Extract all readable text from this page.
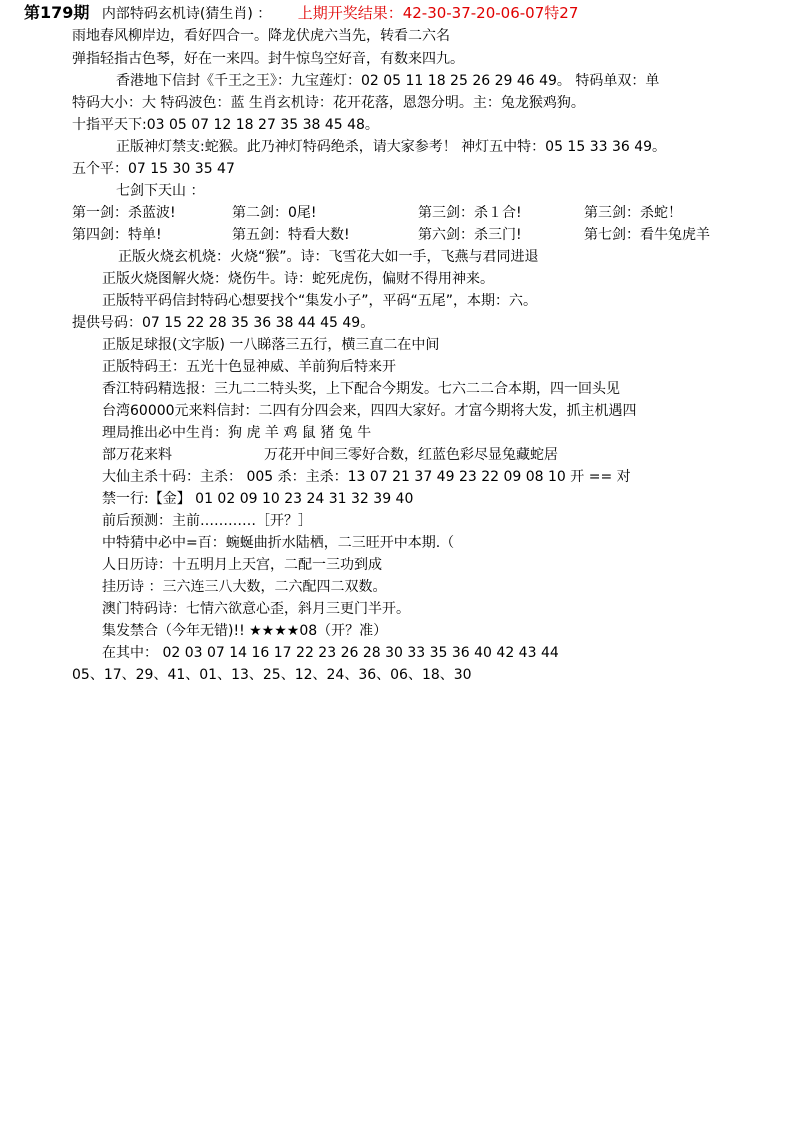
第179期 内部特码玄机诗(猜生肖) ： 上期开奖结果：42-30-37-20-06-07特27
雨地春风柳岸边，看好四合一。降龙伏虎六当先，转看二六名
弹指轻指古色琴，好在一来四。封牛惊鸟空好音，有数来四九。
香港地下信封《千王之王》：九宝莲灯：02 05 11 18 25 26 29 46 49。 特码单双：单
特码大小：大 特码波色：蓝 生肖玄机诗：花开花落，恩怨分明。主：兔龙猴鸡狗。
十指平天下:03 05 07 12 18 27 35 38 45 48。
正版神灯禁支:蛇猴。此乃神灯特码绝杀，请大家参考！ 神灯五中特：05 15 33 36 49。
五个平：07 15 30 35 47
七剑下天山 ：
第一剑：杀蓝波!	第二剑：0尾!	第三剑：杀１合!	第三剑：杀蛇！
第四剑：特单!	第五剑：特看大数!	第六剑：杀三门!	第七剑：看牛兔虎羊
正版火烧玄机烧：火烧“猴”。诗：飞雪花大如一手，飞燕与君同进退
正版火烧图解火烧：烧伤牛。诗：蛇死虎伤，偏财不得用神来。
正版特平码信封特码心想要找个“集发小子”，平码“五尾”，本期：六。
提供号码：07 15 22 28 35 36 38 44 45 49。
正版足球报(文字版) 一八睇落三五行，横三直二在中间
正版特码王：五光十色显神威、羊前狗后特来开
香江特码精选报：三九二二特头奖，上下配合今期发。七六二二合本期，四一回头见
台湾60000元来料信封：二四有分四会来，四四大家好。才富今期将大发，抓主机遇四
理局推出必中生肖：狗 虎 羊 鸡 鼠 猪 兔 牛
部万花来料	万花开中间三零好合数，红蓝色彩尽显兔藏蛇居
大仙主杀十码：主杀： 005 杀：主杀：13 07 21 37 49 23 22 09 08 10 开 == 对
禁一行:【金】 01 02 09 10 23 24 31 32 39 40
前后预测：主前…………［开？］
中特猜中必中=百：蜿蜒曲折水陆栖，二三旺开中本期.（
人日历诗：十五明月上天宫，二配一三功到成
挂历诗 ：三六连三八大数，二六配四二双数。
澳门特码诗：七情六欲意心歪，斜月三更门半开。
集发禁合（今年无错)!! ★★★★08（开？准）
在其中： 02 03 07 14 16 17 22 23 26 28 30 33 35 36 40 42 43 44
05、17、29、41、01、13、25、12、24、36、06、18、30
